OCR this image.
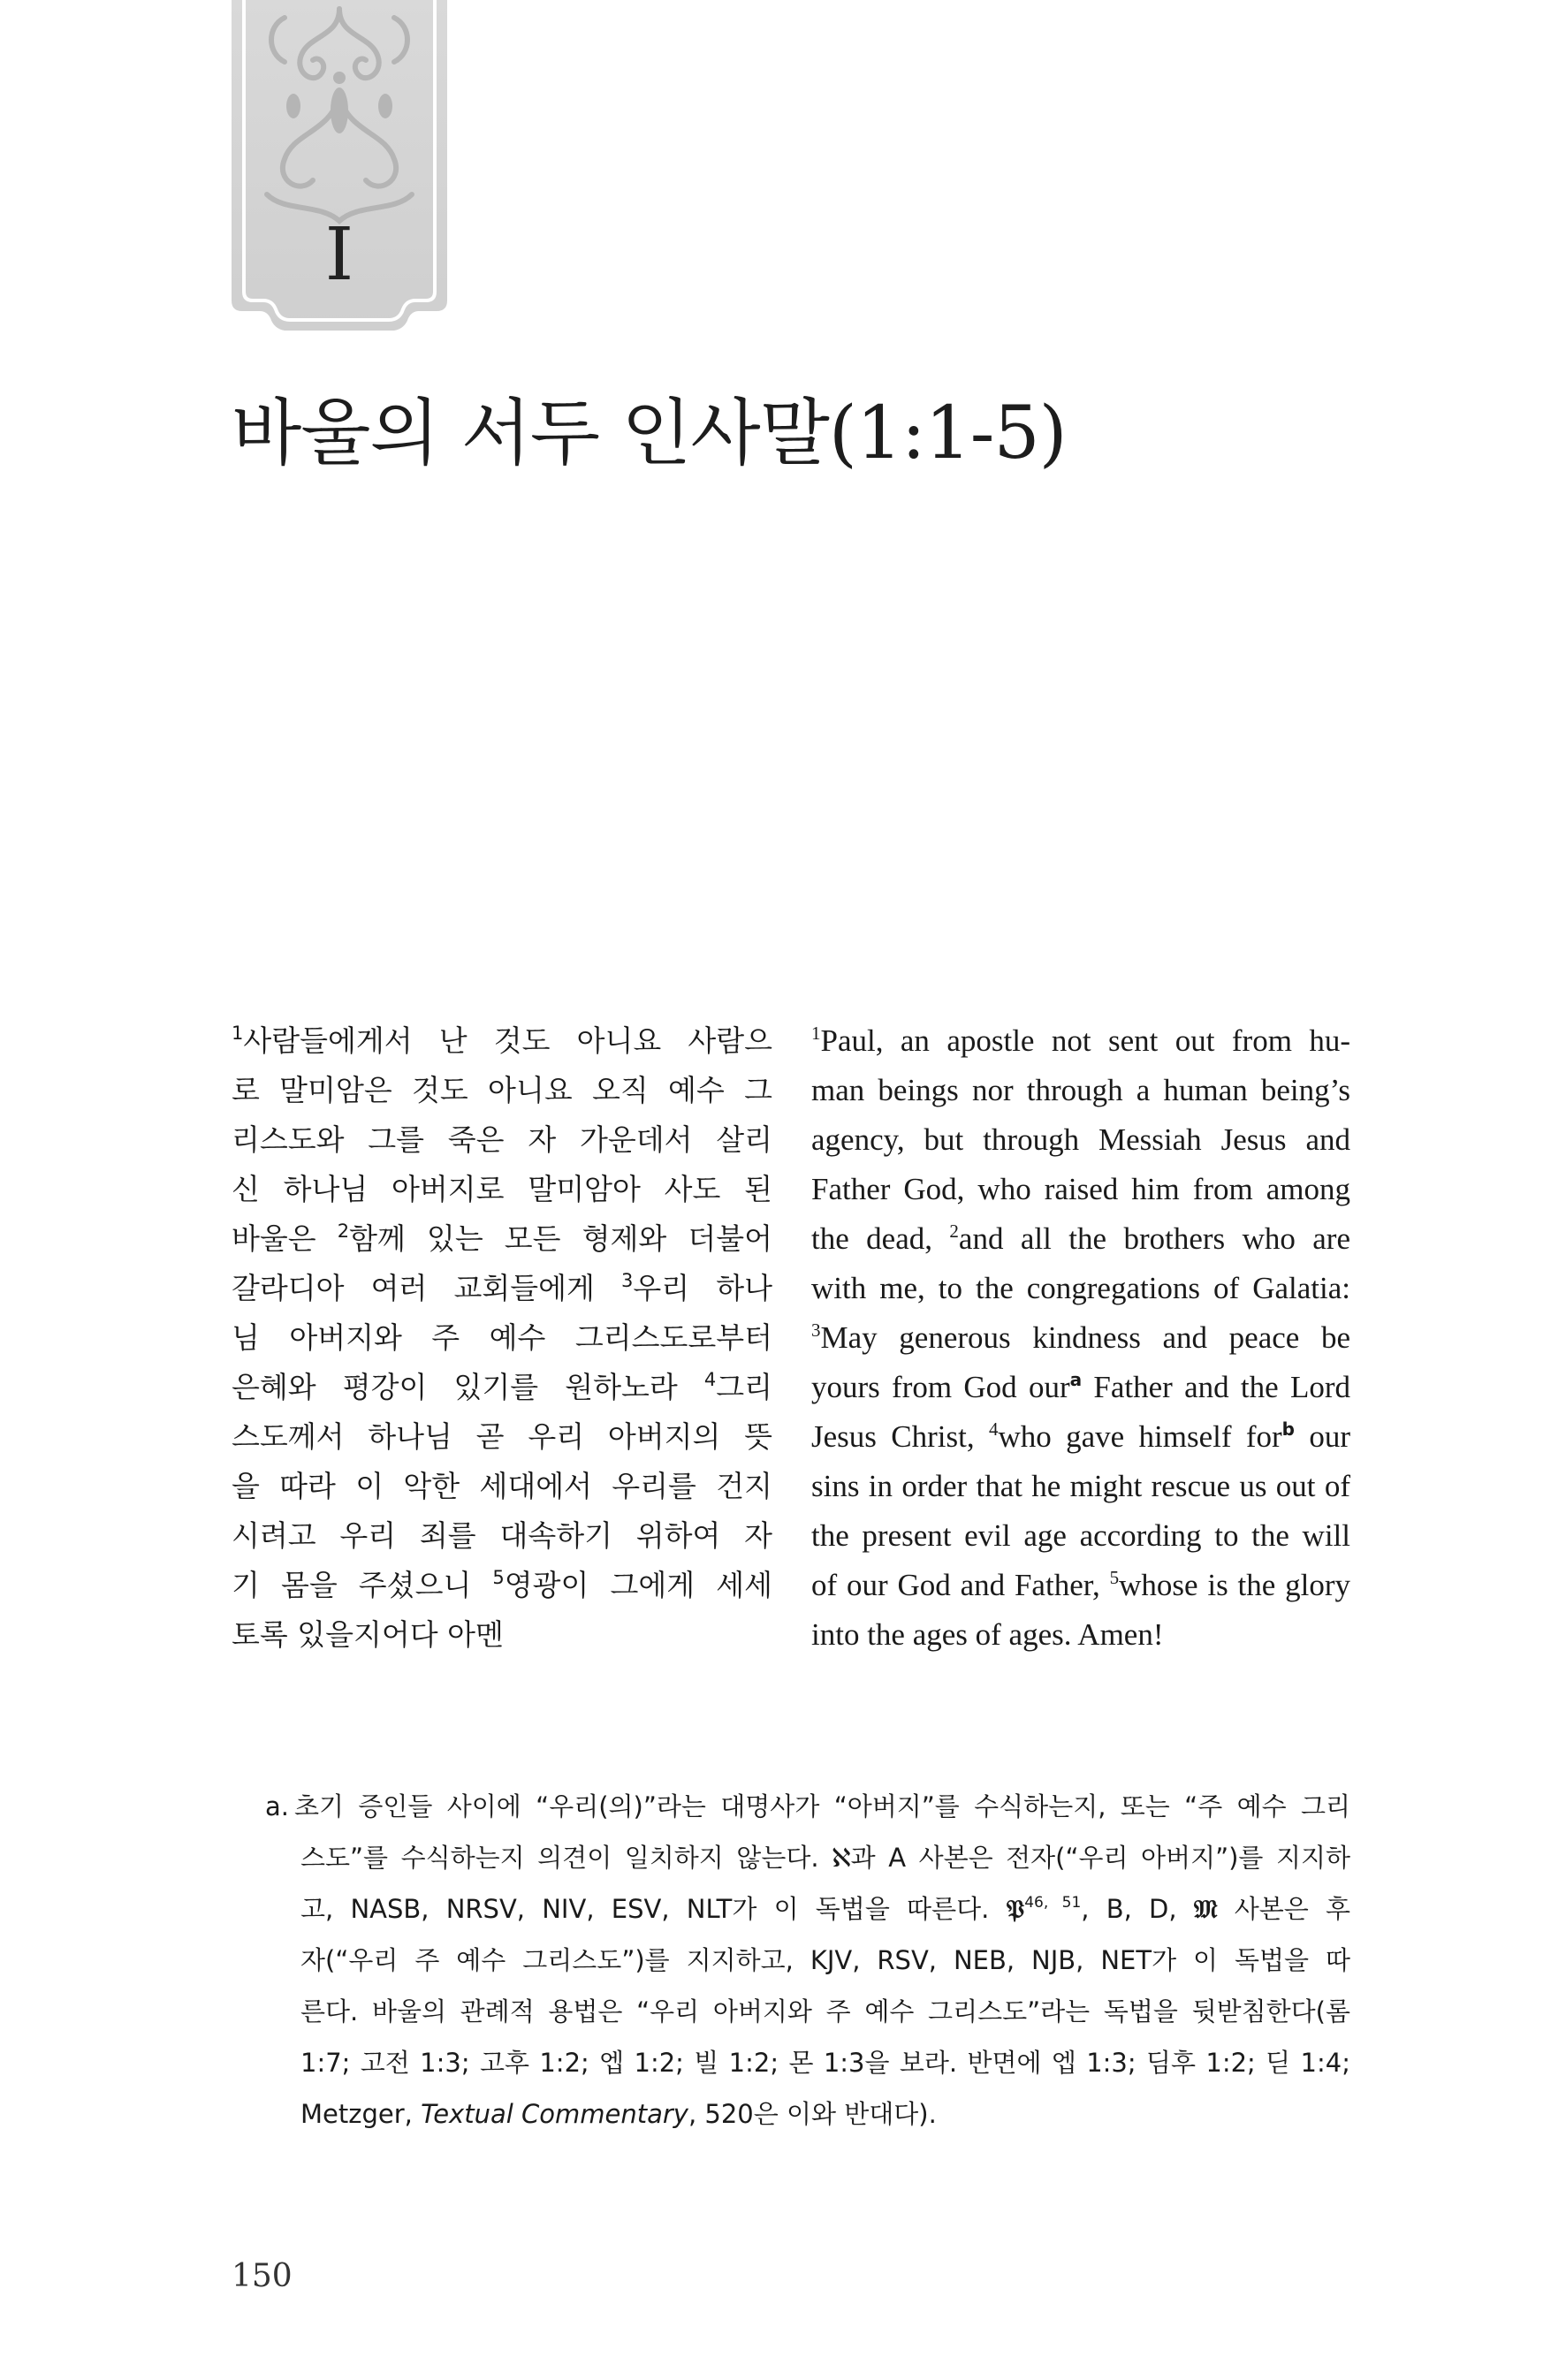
I
바울의 서두 인사말(1:1-5)

$^1$사람들에게서 난 것도 아니요 사람으
로 말미암은 것도 아니요 오직 예수 그
리스도와 그를 죽은 자 가운데서 살리
신 하나님 아버지로 말미암아 사도 된
바울은 $^2$함께 있는 모든 형제와 더불어
갈라디아 여러 교회들에게 $^3$우리 하나
님 아버지와 주 예수 그리스도로부터
은혜와 평강이 있기를 원하노라 $^4$그리
스도께서 하나님 곧 우리 아버지의 뜻
을 따라 이 악한 세대에서 우리를 건지
시려고 우리 죄를 대속하기 위하여 자
기 몸을 주셨으니 $^5$영광이 그에게 세세
토록 있을지어다 아멘

$^1$Paul, an apostle not sent out from hu-
man beings nor through a human being’s
agency, but through Messiah Jesus and
Father God, who raised him from among
the dead, $^2$and all the brothers who are
with me, to the congregations of Galatia:
$^3$May generous kindness and peace be
yours from God our$^a$ Father and the Lord
Jesus Christ, $^4$who gave himself for$^b$ our
sins in order that he might rescue us out of
the present evil age according to the will
of our God and Father, $^5$whose is the glory
into the ages of ages. Amen!

a. 초기 증인들 사이에 “우리(의)”라는 대명사가 “아버지”를 수식하는지, 또는 “주 예수 그리
스도”를 수식하는지 의견이 일치하지 않는다. ℵ과 A 사본은 전자(“우리 아버지”)를 지지하
고, NASB, NRSV, NIV, ESV, NLT가 이 독법을 따른다. 𝔓$^{46, 51}$, B, D, 𝔐 사본은 후
자(“우리 주 예수 그리스도”)를 지지하고, KJV, RSV, NEB, NJB, NET가 이 독법을 따
른다. 바울의 관례적 용법은 “우리 아버지와 주 예수 그리스도”라는 독법을 뒷받침한다(롬
1:7; 고전 1:3; 고후 1:2; 엡 1:2; 빌 1:2; 몬 1:3을 보라. 반면에 엡 1:3; 딤후 1:2; 딛 1:4;
Metzger, Textual Commentary, 520은 이와 반대다).
150
